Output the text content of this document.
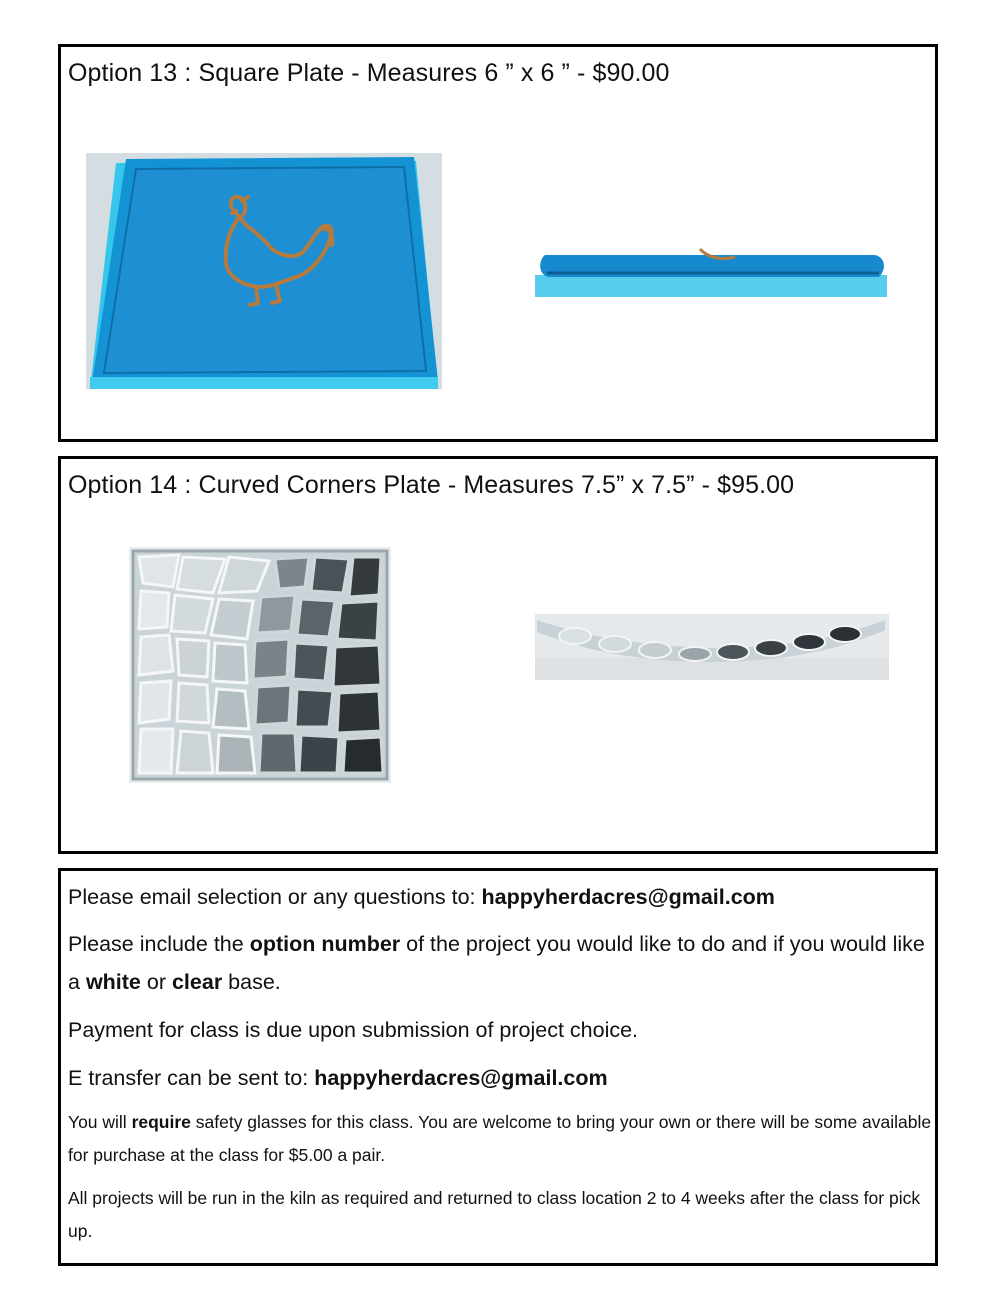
Option 13 : Square Plate - Measures 6 ” x 6 ” - $90.00
Option 14 : Curved Corners Plate - Measures 7.5” x 7.5” - $95.00

Please email selection or any questions to: happyherdacres@gmail.com

Please include the option number of the project you would like to do and if you would like a white or clear base.

Payment for class is due upon submission of project choice.

E transfer can be sent to: happyherdacres@gmail.com

You will require safety glasses for this class. You are welcome to bring your own or there will be some available for purchase at the class for $5.00 a pair.

All projects will be run in the kiln as required and returned to class location 2 to 4 weeks after the class for pick up.
